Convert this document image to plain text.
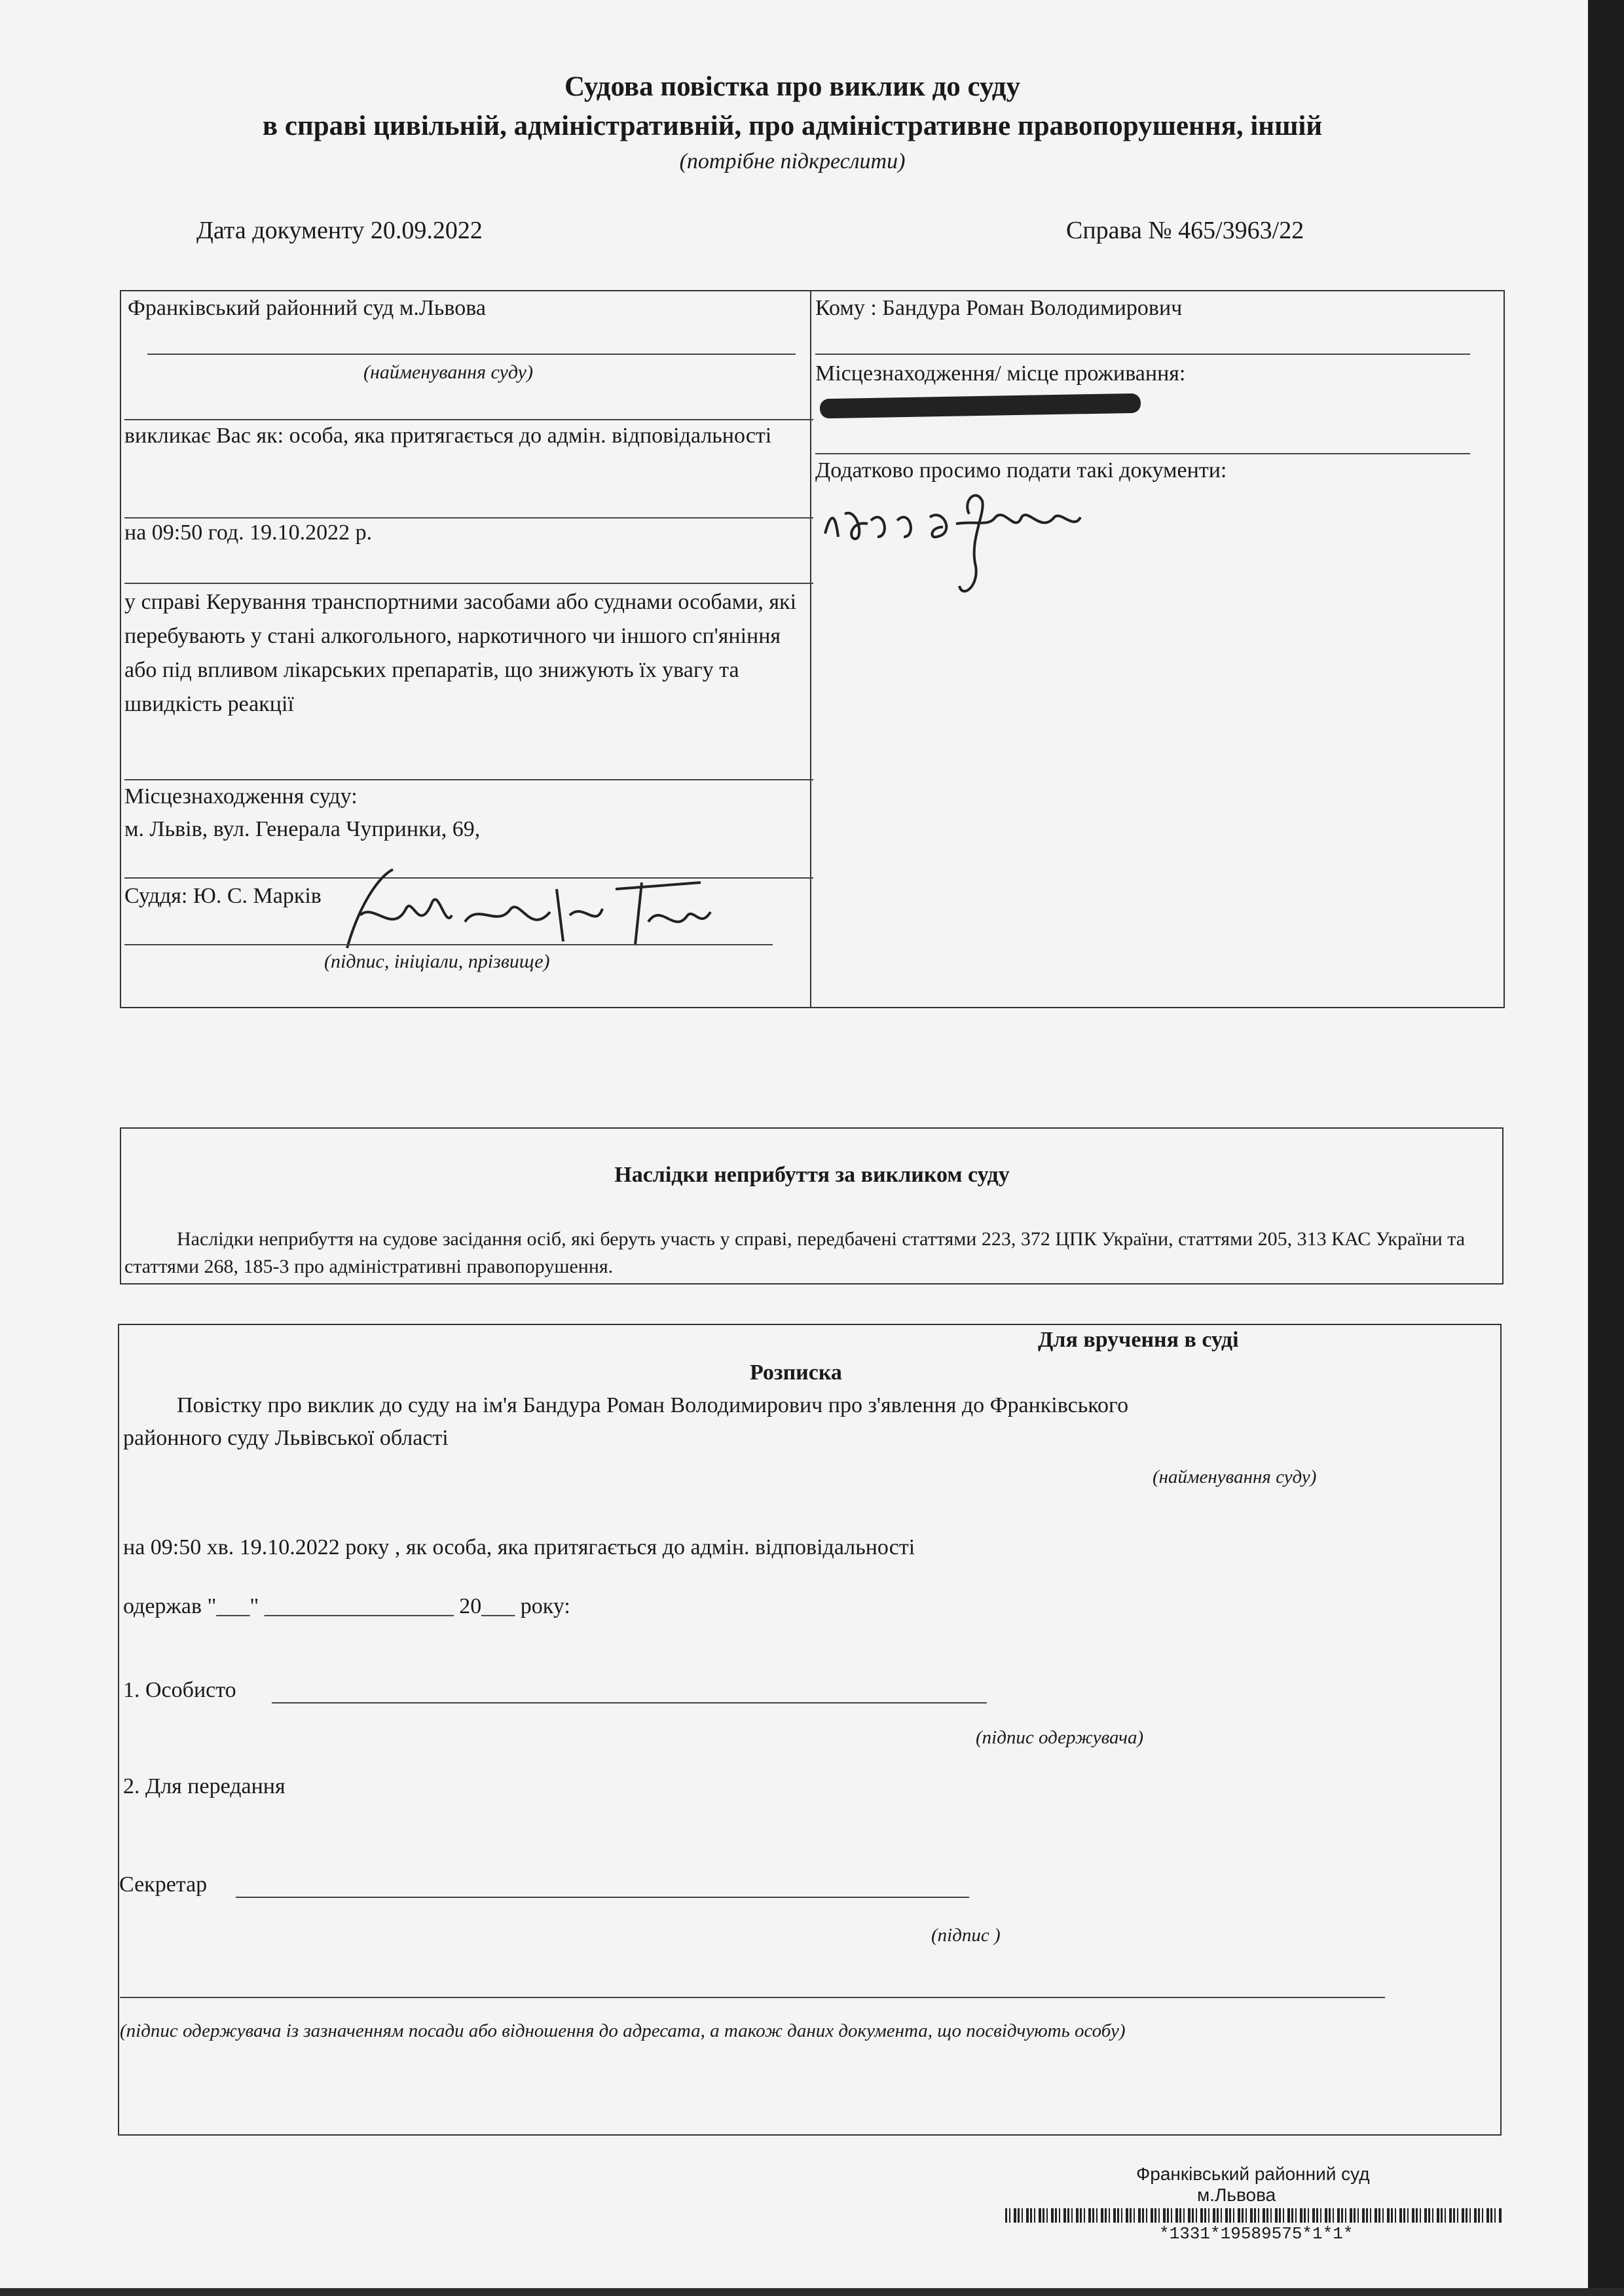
Судова повістка про виклик до суду
в справі цивільній, адміністративній, про адміністративне правопорушення, іншій
(потрібне підкреслити)
Дата документу 20.09.2022	Справа № 465/3963/22
Франківський районний суд м.Львова
(найменування суду)
викликає Вас як: особа, яка притягається до адмін. відповідальності
на 09:50 год. 19.10.2022 р.
у справі Керування транспортними засобами або суднами особами, які перебувають у стані алкогольного, наркотичного чи іншого сп'яніння або під впливом лікарських препаратів, що знижують їх увагу та швидкість реакції
Місцезнаходження суду:
м. Львів, вул. Генерала Чупринки, 69,
Суддя: Ю. С. Марків
(підпис, ініціали, прізвище)
Кому : Бандура Роман Володимирович
Місцезнаходження/ місце проживання:
Додатково просимо подати такі документи:
Наслідки неприбуття за викликом суду
Наслідки неприбуття на судове засідання осіб, які беруть участь у справі, передбачені статтями 223, 372 ЦПК України, статтями 205, 313 КАС України та статтями 268, 185-3 про адміністративні правопорушення.
Для вручення в суді
Розписка
Повістку про виклик до суду на ім'я Бандура Роман Володимирович про з'явлення до Франківського
районного суду Львівської області
(найменування суду)
на 09:50 хв. 19.10.2022 року , як особа, яка притягається до адмін. відповідальності
одержав "___" _________________ 20___ року:
1. Особисто
(підпис одержувача)
2. Для передання
Секретар
(підпис )
(підпис одержувача із зазначенням посади або відношення до адресата, а також даних документа, що посвідчують особу)
Франківський районний суд
м.Львова
*1331*19589575*1*1*
